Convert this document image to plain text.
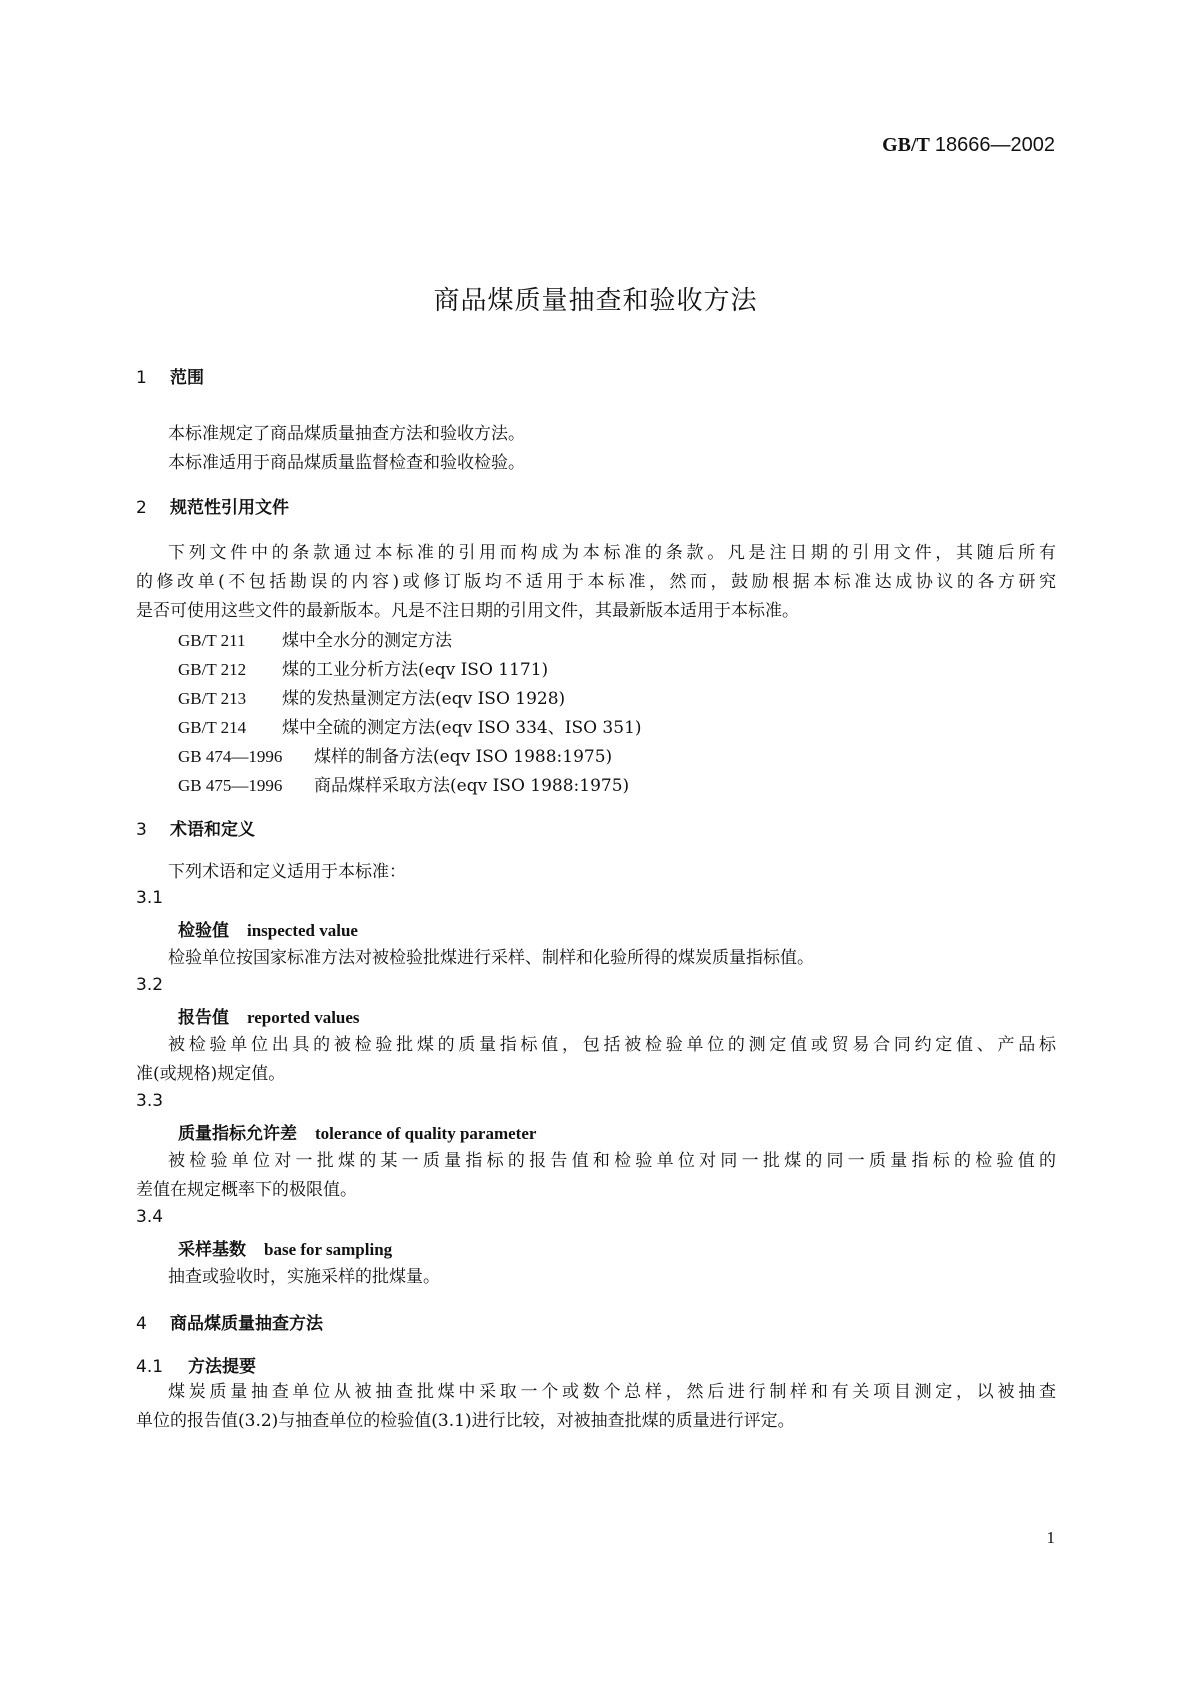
GB/T 18666—2002
商品煤质量抽查和验收方法
1 范围
本标准规定了商品煤质量抽查方法和验收方法。
本标准适用于商品煤质量监督检查和验收检验。
2 规范性引用文件
下列文件中的条款通过本标准的引用而构成为本标准的条款。凡是注日期的引用文件，其随后所有
的修改单(不包括勘误的内容)或修订版均不适用于本标准，然而，鼓励根据本标准达成协议的各方研究
是否可使用这些文件的最新版本。凡是不注日期的引用文件，其最新版本适用于本标准。
GB/T 211 煤中全水分的测定方法
GB/T 212 煤的工业分析方法(eqv ISO 1171)
GB/T 213 煤的发热量测定方法(eqv ISO 1928)
GB/T 214 煤中全硫的测定方法(eqv ISO 334、ISO 351)
GB 474—1996 煤样的制备方法(eqv ISO 1988:1975)
GB 475—1996 商品煤样采取方法(eqv ISO 1988:1975)
3 术语和定义
下列术语和定义适用于本标准：
3.1
检验值 inspected value
检验单位按国家标准方法对被检验批煤进行采样、制样和化验所得的煤炭质量指标值。
3.2
报告值 reported values
被检验单位出具的被检验批煤的质量指标值，包括被检验单位的测定值或贸易合同约定值、产品标
准(或规格)规定值。
3.3
质量指标允许差 tolerance of quality parameter
被检验单位对一批煤的某一质量指标的报告值和检验单位对同一批煤的同一质量指标的检验值的
差值在规定概率下的极限值。
3.4
采样基数 base for sampling
抽查或验收时，实施采样的批煤量。
4 商品煤质量抽查方法
4.1 方法提要
煤炭质量抽查单位从被抽查批煤中采取一个或数个总样，然后进行制样和有关项目测定，以被抽查
单位的报告值(3.2)与抽查单位的检验值(3.1)进行比较，对被抽查批煤的质量进行评定。
1
